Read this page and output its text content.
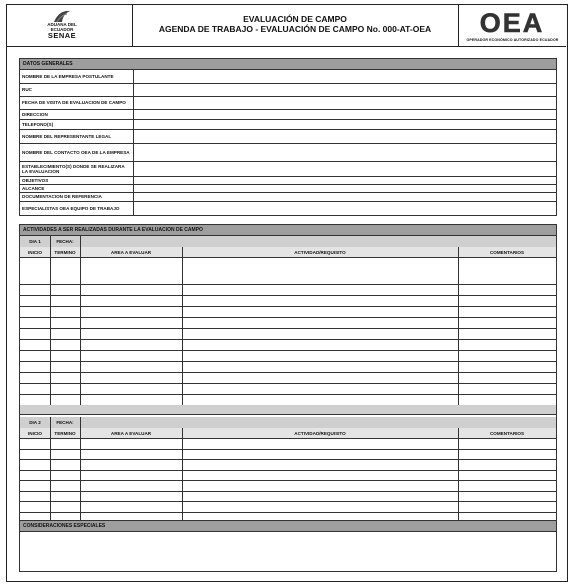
ADUANA DEL
ECUADOR
SENAE
EVALUACIÓN DE CAMPO
AGENDA DE TRABAJO - EVALUACIÓN DE CAMPO No. 000-AT-OEA	OEA
OPERADOR ECONÓMICO AUTORIZADO ECUADOR
DATOS GENERALES
NOMBRE DE LA EMPRESA POSTULANTE
RUC
FECHA DE VISITA DE EVALUACION DE CAMPO
DIRECCION
TELEFONO(S)
NOMBRE DEL REPRESENTANTE LEGAL
NOMBRE DEL CONTACTO OEA DE LA EMPRESA
ESTABLECIMIENTO(S) DONDE SE REALIZARA LA EVALUACION
OBJETIVOS
ALCANCE
DOCUMENTACION DE REFERENCIA
ESPECIALISTAS OEA EQUIPO DE TRABAJO
ACTIVIDADES A SER REALIZADAS DURANTE LA EVALUACION DE CAMPO
DIA 1	FECHA:
INICIO	TERMINO	AREA A EVALUAR	ACTIVIDAD/REQUISITO	COMENTARIOS
DIA 2	FECHA:
INICIO	TERMINO	AREA A EVALUAR	ACTIVIDAD/REQUISITO	COMENTARIOS
CONSIDERACIONES ESPECIALES
